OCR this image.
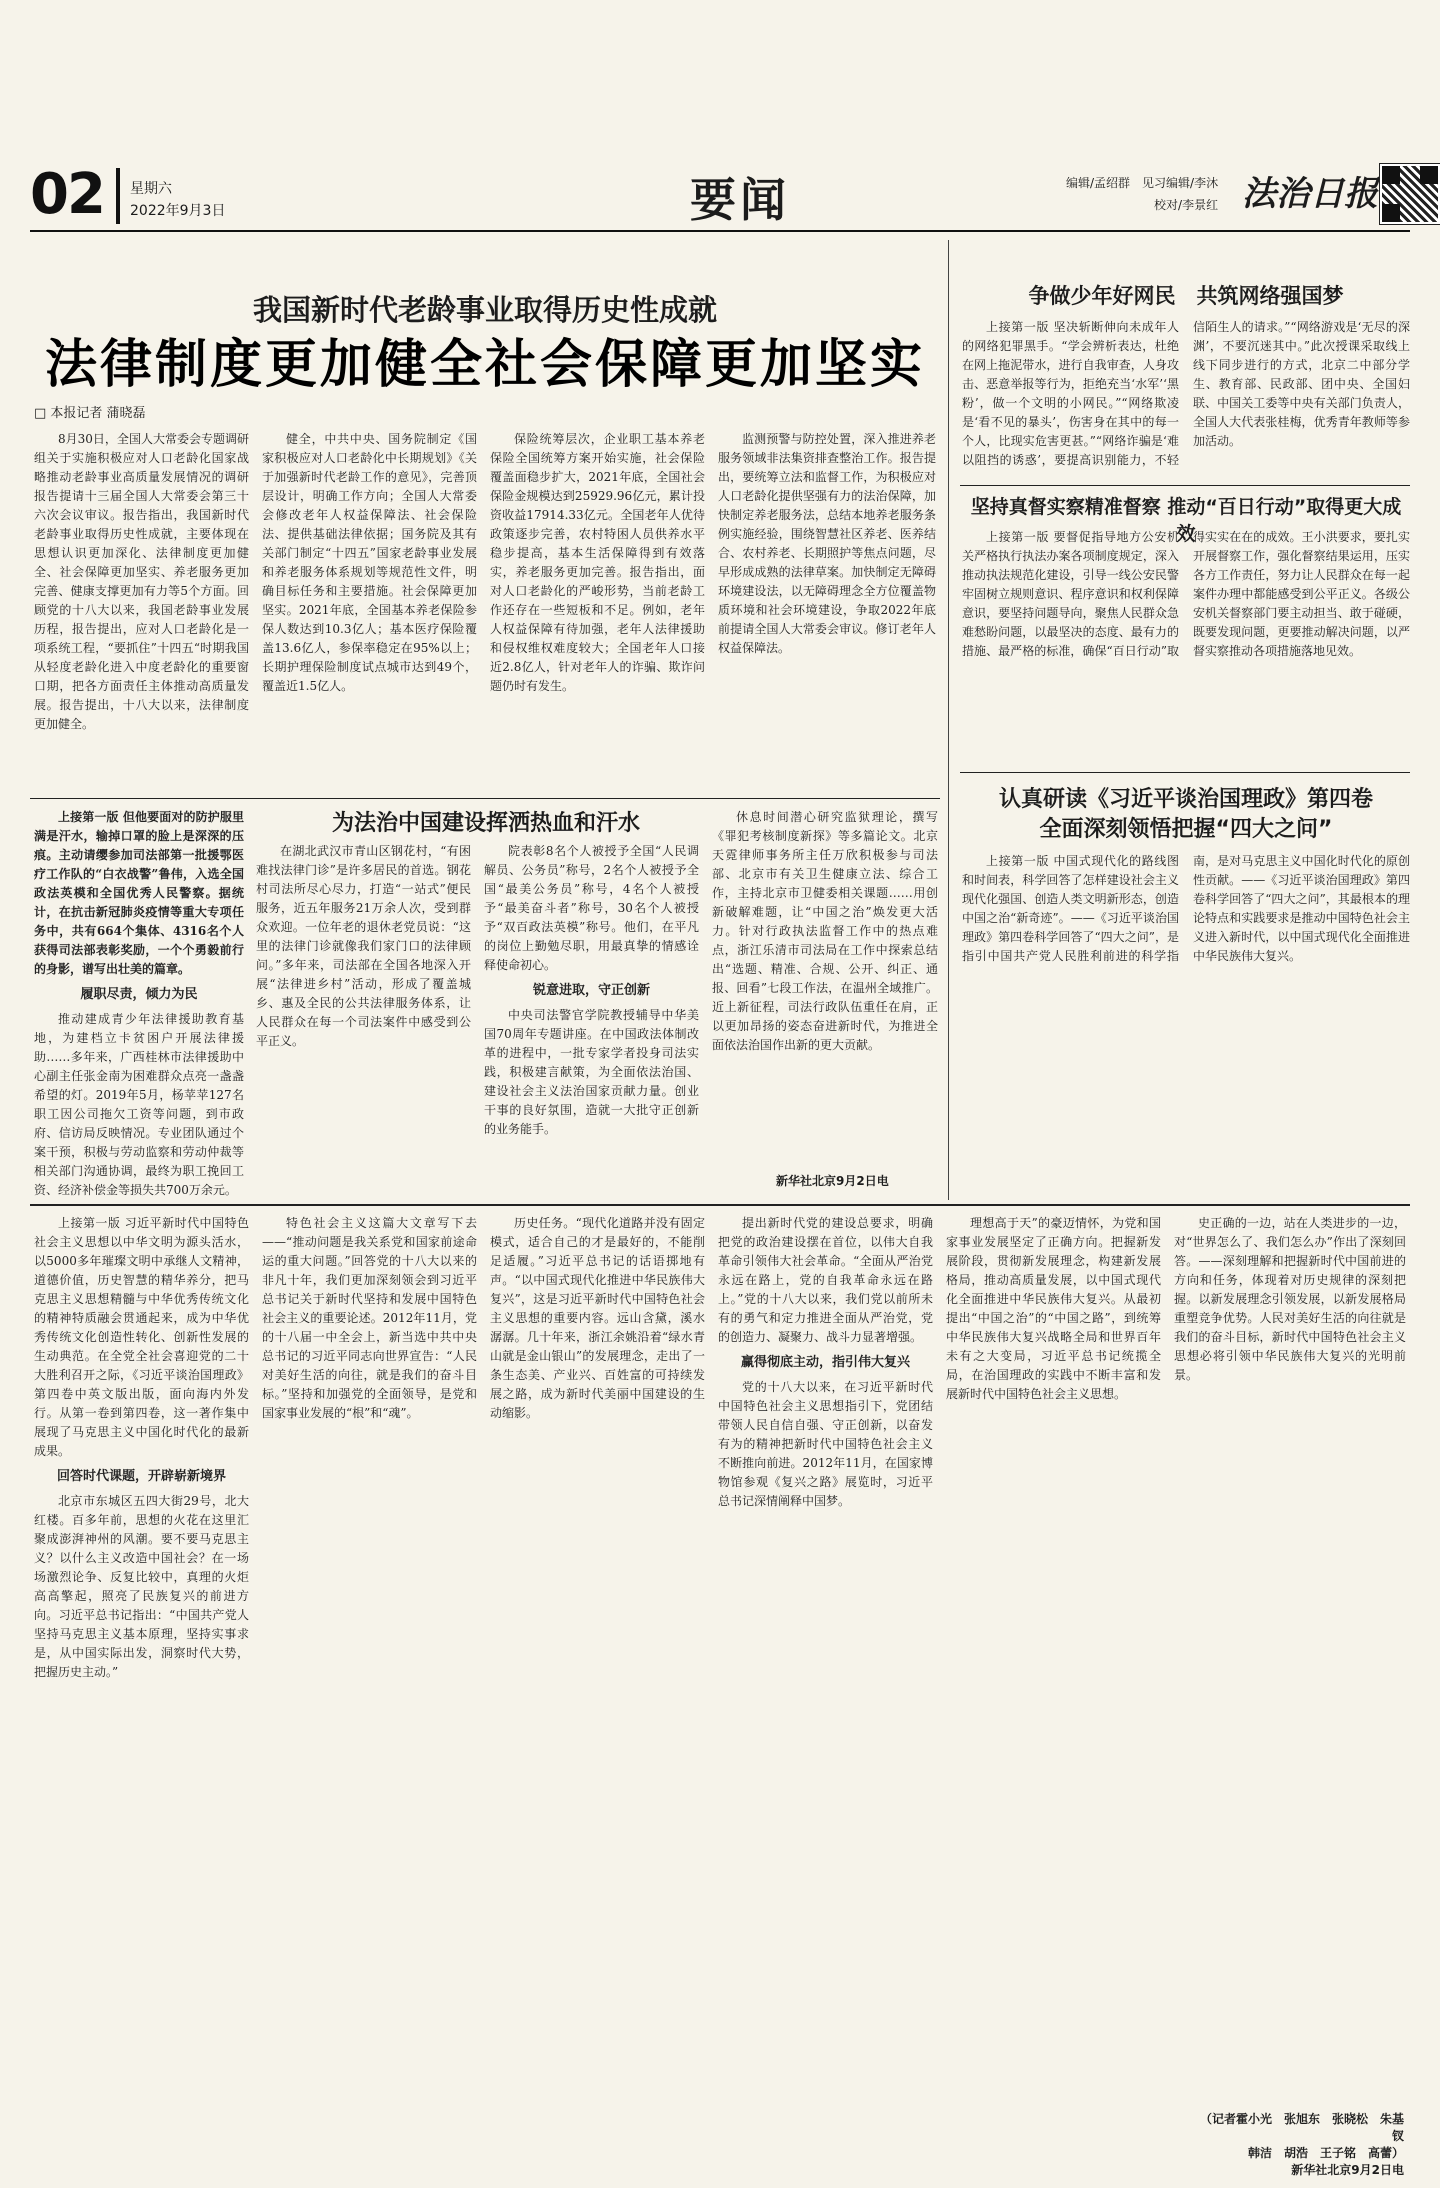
02 星期六
2022年9月3日	要闻	编辑/孟绍群　见习编辑/李沐
校对/李景红 法治日报
我国新时代老龄事业取得历史性成就
法律制度更加健全社会保障更加坚实
□ 本报记者 蒲晓磊

8月30日，全国人大常委会专题调研组关于实施积极应对人口老龄化国家战略推动老龄事业高质量发展情况的调研报告提请十三届全国人大常委会第三十六次会议审议。报告指出，我国新时代老龄事业取得历史性成就，主要体现在思想认识更加深化、法律制度更加健全、社会保障更加坚实、养老服务更加完善、健康支撑更加有力等5个方面。回顾党的十八大以来，我国老龄事业发展历程，报告提出，应对人口老龄化是一项系统工程，“要抓住”十四五“时期我国从轻度老龄化进入中度老龄化的重要窗口期，把各方面责任主体推动高质量发展。报告提出，十八大以来，法律制度更加健全。

健全，中共中央、国务院制定《国家积极应对人口老龄化中长期规划》《关于加强新时代老龄工作的意见》，完善顶层设计，明确工作方向；全国人大常委会修改老年人权益保障法、社会保险法、提供基础法律依据；国务院及其有关部门制定“十四五”国家老龄事业发展和养老服务体系规划等规范性文件，明确目标任务和主要措施。社会保障更加坚实。2021年底，全国基本养老保险参保人数达到10.3亿人；基本医疗保险覆盖13.6亿人，参保率稳定在95%以上；长期护理保险制度试点城市达到49个，覆盖近1.5亿人。

保险统筹层次，企业职工基本养老保险全国统筹方案开始实施，社会保险覆盖面稳步扩大，2021年底，全国社会保险金规模达到25929.96亿元，累计投资收益17914.33亿元。全国老年人优待政策逐步完善，农村特困人员供养水平稳步提高，基本生活保障得到有效落实，养老服务更加完善。报告指出，面对人口老龄化的严峻形势，当前老龄工作还存在一些短板和不足。例如，老年人权益保障有待加强，老年人法律援助和侵权维权难度较大；全国老年人口接近2.8亿人，针对老年人的诈骗、欺诈问题仍时有发生。

监测预警与防控处置，深入推进养老服务领域非法集资排查整治工作。报告提出，要统筹立法和监督工作，为积极应对人口老龄化提供坚强有力的法治保障，加快制定养老服务法，总结本地养老服务条例实施经验，围绕智慧社区养老、医养结合、农村养老、长期照护等焦点问题，尽早形成成熟的法律草案。加快制定无障碍环境建设法，以无障碍理念全方位覆盖物质环境和社会环境建设，争取2022年底前提请全国人大常委会审议。修订老年人权益保障法。

争做少年好网民　共筑网络强国梦

上接第一版 坚决斩断伸向未成年人的网络犯罪黑手。“学会辨析表达，杜绝在网上拖泥带水，进行自我审查，人身攻击、恶意举报等行为，拒绝充当‘水军’‘黑粉’，做一个文明的小网民。”“网络欺凌是‘看不见的暴头’，伤害身在其中的每一个人，比现实危害更甚。”“网络诈骗是‘难以阻挡的诱惑’，要提高识别能力，不轻信陌生人的请求。”“网络游戏是‘无尽的深渊’，不要沉迷其中。”此次授课采取线上线下同步进行的方式，北京二中部分学生、教育部、民政部、团中央、全国妇联、中国关工委等中央有关部门负责人，全国人大代表张桂梅，优秀青年教师等参加活动。

坚持真督实察精准督察 推动“百日行动”取得更大成效

上接第一版 要督促指导地方公安机关严格执行执法办案各项制度规定，深入推动执法规范化建设，引导一线公安民警牢固树立规则意识、程序意识和权利保障意识，要坚持问题导向，聚焦人民群众急难愁盼问题，以最坚决的态度、最有力的措施、最严格的标准，确保“百日行动”取得实实在在的成效。王小洪要求，要扎实开展督察工作，强化督察结果运用，压实各方工作责任，努力让人民群众在每一起案件办理中都能感受到公平正义。各级公安机关督察部门要主动担当、敢于碰硬，既要发现问题，更要推动解决问题，以严督实察推动各项措施落地见效。

认真研读《习近平谈治国理政》第四卷
全面深刻领悟把握“四大之问”

上接第一版 中国式现代化的路线图和时间表，科学回答了怎样建设社会主义现代化强国、创造人类文明新形态，创造中国之治“新奇迹”。——《习近平谈治国理政》第四卷科学回答了“四大之问”，是指引中国共产党人民胜利前进的科学指南，是对马克思主义中国化时代化的原创性贡献。——《习近平谈治国理政》第四卷科学回答了“四大之问”，其最根本的理论特点和实践要求是推动中国特色社会主义进入新时代，以中国式现代化全面推进中华民族伟大复兴。

上接第一版 但他要面对的防护服里满是汗水，输掉口罩的脸上是深深的压痕。主动请缨参加司法部第一批援鄂医疗工作队的“白衣战警”鲁伟，入选全国政法英模和全国优秀人民警察。据统计，在抗击新冠肺炎疫情等重大专项任务中，共有664个集体、4316名个人获得司法部表彰奖励，一个个勇毅前行的身影，谱写出壮美的篇章。

履职尽责，倾力为民

推动建成青少年法律援助教育基地，为建档立卡贫困户开展法律援助……多年来，广西桂林市法律援助中心副主任张金南为困难群众点亮一盏盏希望的灯。2019年5月，杨苹苹127名职工因公司拖欠工资等问题，到市政府、信访局反映情况。专业团队通过个案干预，积极与劳动监察和劳动仲裁等相关部门沟通协调，最终为职工挽回工资、经济补偿金等损失共700万余元。

为法治中国建设挥洒热血和汗水

在湖北武汉市青山区钢花村，“有困难找法律门诊”是许多居民的首选。钢花村司法所尽心尽力，打造“一站式”便民服务，近五年服务21万余人次，受到群众欢迎。一位年老的退休老党员说：“这里的法律门诊就像我们家门口的法律顾问。”多年来，司法部在全国各地深入开展“法律进乡村”活动，形成了覆盖城乡、惠及全民的公共法律服务体系，让人民群众在每一个司法案件中感受到公平正义。

院表彰8名个人被授予全国“人民调解员、公务员”称号，2名个人被授予全国“最美公务员”称号，4名个人被授予“最美奋斗者”称号，30名个人被授予“双百政法英模”称号。他们，在平凡的岗位上勤勉尽职，用最真挚的情感诠释使命初心。

锐意进取，守正创新

中央司法警官学院教授辅导中华美国70周年专题讲座。在中国政法体制改革的进程中，一批专家学者投身司法实践，积极建言献策，为全面依法治国、建设社会主义法治国家贡献力量。创业干事的良好氛围，造就一大批守正创新的业务能手。

休息时间潜心研究监狱理论，撰写《罪犯考核制度新探》等多篇论文。北京天霓律师事务所主任万欣积极参与司法部、北京市有关卫生健康立法、综合工作，主持北京市卫健委相关课题……用创新破解难题，让“中国之治”焕发更大活力。针对行政执法监督工作中的热点难点，浙江乐清市司法局在工作中探索总结出“选题、精准、合规、公开、纠正、通报、回看”七段工作法，在温州全域推广。近上新征程，司法行政队伍重任在肩，正以更加昂扬的姿态奋进新时代，为推进全面依法治国作出新的更大贡献。

新华社北京9月2日电

上接第一版 习近平新时代中国特色社会主义思想以中华文明为源头活水，以5000多年璀璨文明中承继人文精神，道德价值，历史智慧的精华养分，把马克思主义思想精髓与中华优秀传统文化的精神特质融会贯通起来，成为中华优秀传统文化创造性转化、创新性发展的生动典范。在全党全社会喜迎党的二十大胜利召开之际，《习近平谈治国理政》第四卷中英文版出版，面向海内外发行。从第一卷到第四卷，这一著作集中展现了马克思主义中国化时代化的最新成果。

回答时代课题，开辟崭新境界

北京市东城区五四大街29号，北大红楼。百多年前，思想的火花在这里汇聚成澎湃神州的风潮。要不要马克思主义？以什么主义改造中国社会？在一场场激烈论争、反复比较中，真理的火炬高高擎起，照亮了民族复兴的前进方向。习近平总书记指出：“中国共产党人坚持马克思主义基本原理，坚持实事求是，从中国实际出发，洞察时代大势，把握历史主动。”

特色社会主义这篇大文章写下去——“推动问题是我关系党和国家前途命运的重大问题。”回答党的十八大以来的非凡十年，我们更加深刻领会到习近平总书记关于新时代坚持和发展中国特色社会主义的重要论述。2012年11月，党的十八届一中全会上，新当选中共中央总书记的习近平同志向世界宣告：“人民对美好生活的向往，就是我们的奋斗目标。”坚持和加强党的全面领导，是党和国家事业发展的“根”和“魂”。

历史任务。“现代化道路并没有固定模式，适合自己的才是最好的，不能削足适履。”习近平总书记的话语掷地有声。“以中国式现代化推进中华民族伟大复兴”，这是习近平新时代中国特色社会主义思想的重要内容。远山含黛，溪水潺潺。几十年来，浙江余姚沿着“绿水青山就是金山银山”的发展理念，走出了一条生态美、产业兴、百姓富的可持续发展之路，成为新时代美丽中国建设的生动缩影。

提出新时代党的建设总要求，明确把党的政治建设摆在首位，以伟大自我革命引领伟大社会革命。“全面从严治党永远在路上，党的自我革命永远在路上。”党的十八大以来，我们党以前所未有的勇气和定力推进全面从严治党，党的创造力、凝聚力、战斗力显著增强。

赢得彻底主动，指引伟大复兴

党的十八大以来，在习近平新时代中国特色社会主义思想指引下，党团结带领人民自信自强、守正创新，以奋发有为的精神把新时代中国特色社会主义不断推向前进。2012年11月，在国家博物馆参观《复兴之路》展览时，习近平总书记深情阐释中国梦。

理想高于天”的豪迈情怀，为党和国家事业发展坚定了正确方向。把握新发展阶段，贯彻新发展理念，构建新发展格局，推动高质量发展，以中国式现代化全面推进中华民族伟大复兴。从最初提出“中国之治”的“中国之路”，到统筹中华民族伟大复兴战略全局和世界百年未有之大变局，习近平总书记统揽全局，在治国理政的实践中不断丰富和发展新时代中国特色社会主义思想。

史正确的一边，站在人类进步的一边，对“世界怎么了、我们怎么办”作出了深刻回答。——深刻理解和把握新时代中国前进的方向和任务，体现着对历史规律的深刻把握。以新发展理念引领发展，以新发展格局重塑竞争优势。人民对美好生活的向往就是我们的奋斗目标，新时代中国特色社会主义思想必将引领中华民族伟大复兴的光明前景。

（记者霍小光　张旭东　张晓松　朱基钗
韩洁　胡浩　王子铭　高蕾）
新华社北京9月2日电
